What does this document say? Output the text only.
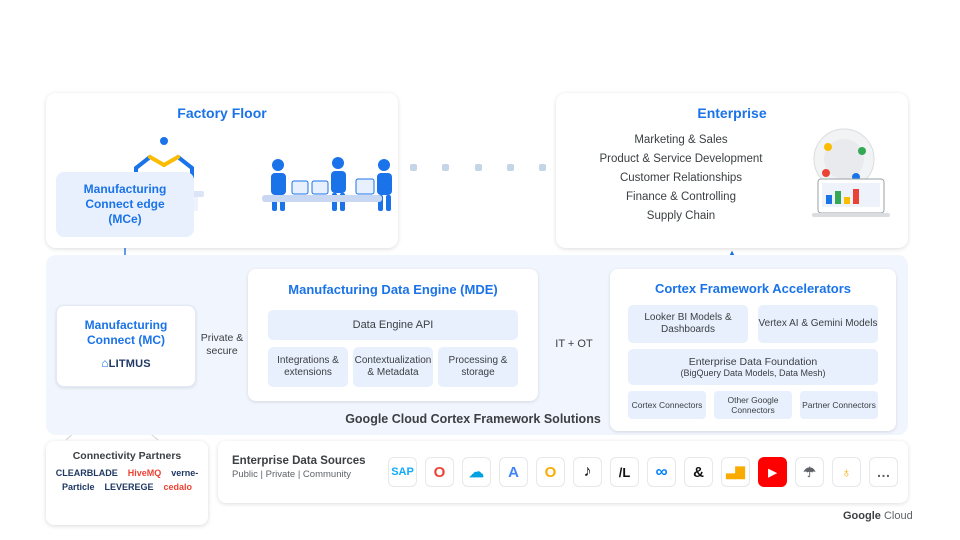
Factory Floor
Manufacturing
Connect edge
(MCe)
Enterprise
Marketing & Sales
Product & Service Development
Customer Relationships
Finance & Controlling
Supply Chain
Manufacturing
Connect (MC)
⌂LITMUS
Private & secure
Manufacturing Data Engine (MDE)
Data Engine API
Integrations & extensions
Contextualization & Metadata
Processing & storage
IT + OT
Cortex Framework Accelerators
Looker BI Models & Dashboards
Vertex AI & Gemini Models
Enterprise Data Foundation
(BigQuery Data Models, Data Mesh)
Cortex Connectors	Other Google Connectors	Partner Connectors
Google Cloud Cortex Framework Solutions
Connectivity Partners
CLEARBLADE HiveMQ verne-
Particle LEVEREGE cedalo
Enterprise Data Sources
Public | Private | Community	SAP	O	☁	A	O	♪	/L	∞	&	▃▇	▶	☂	♁	…
Google Cloud
